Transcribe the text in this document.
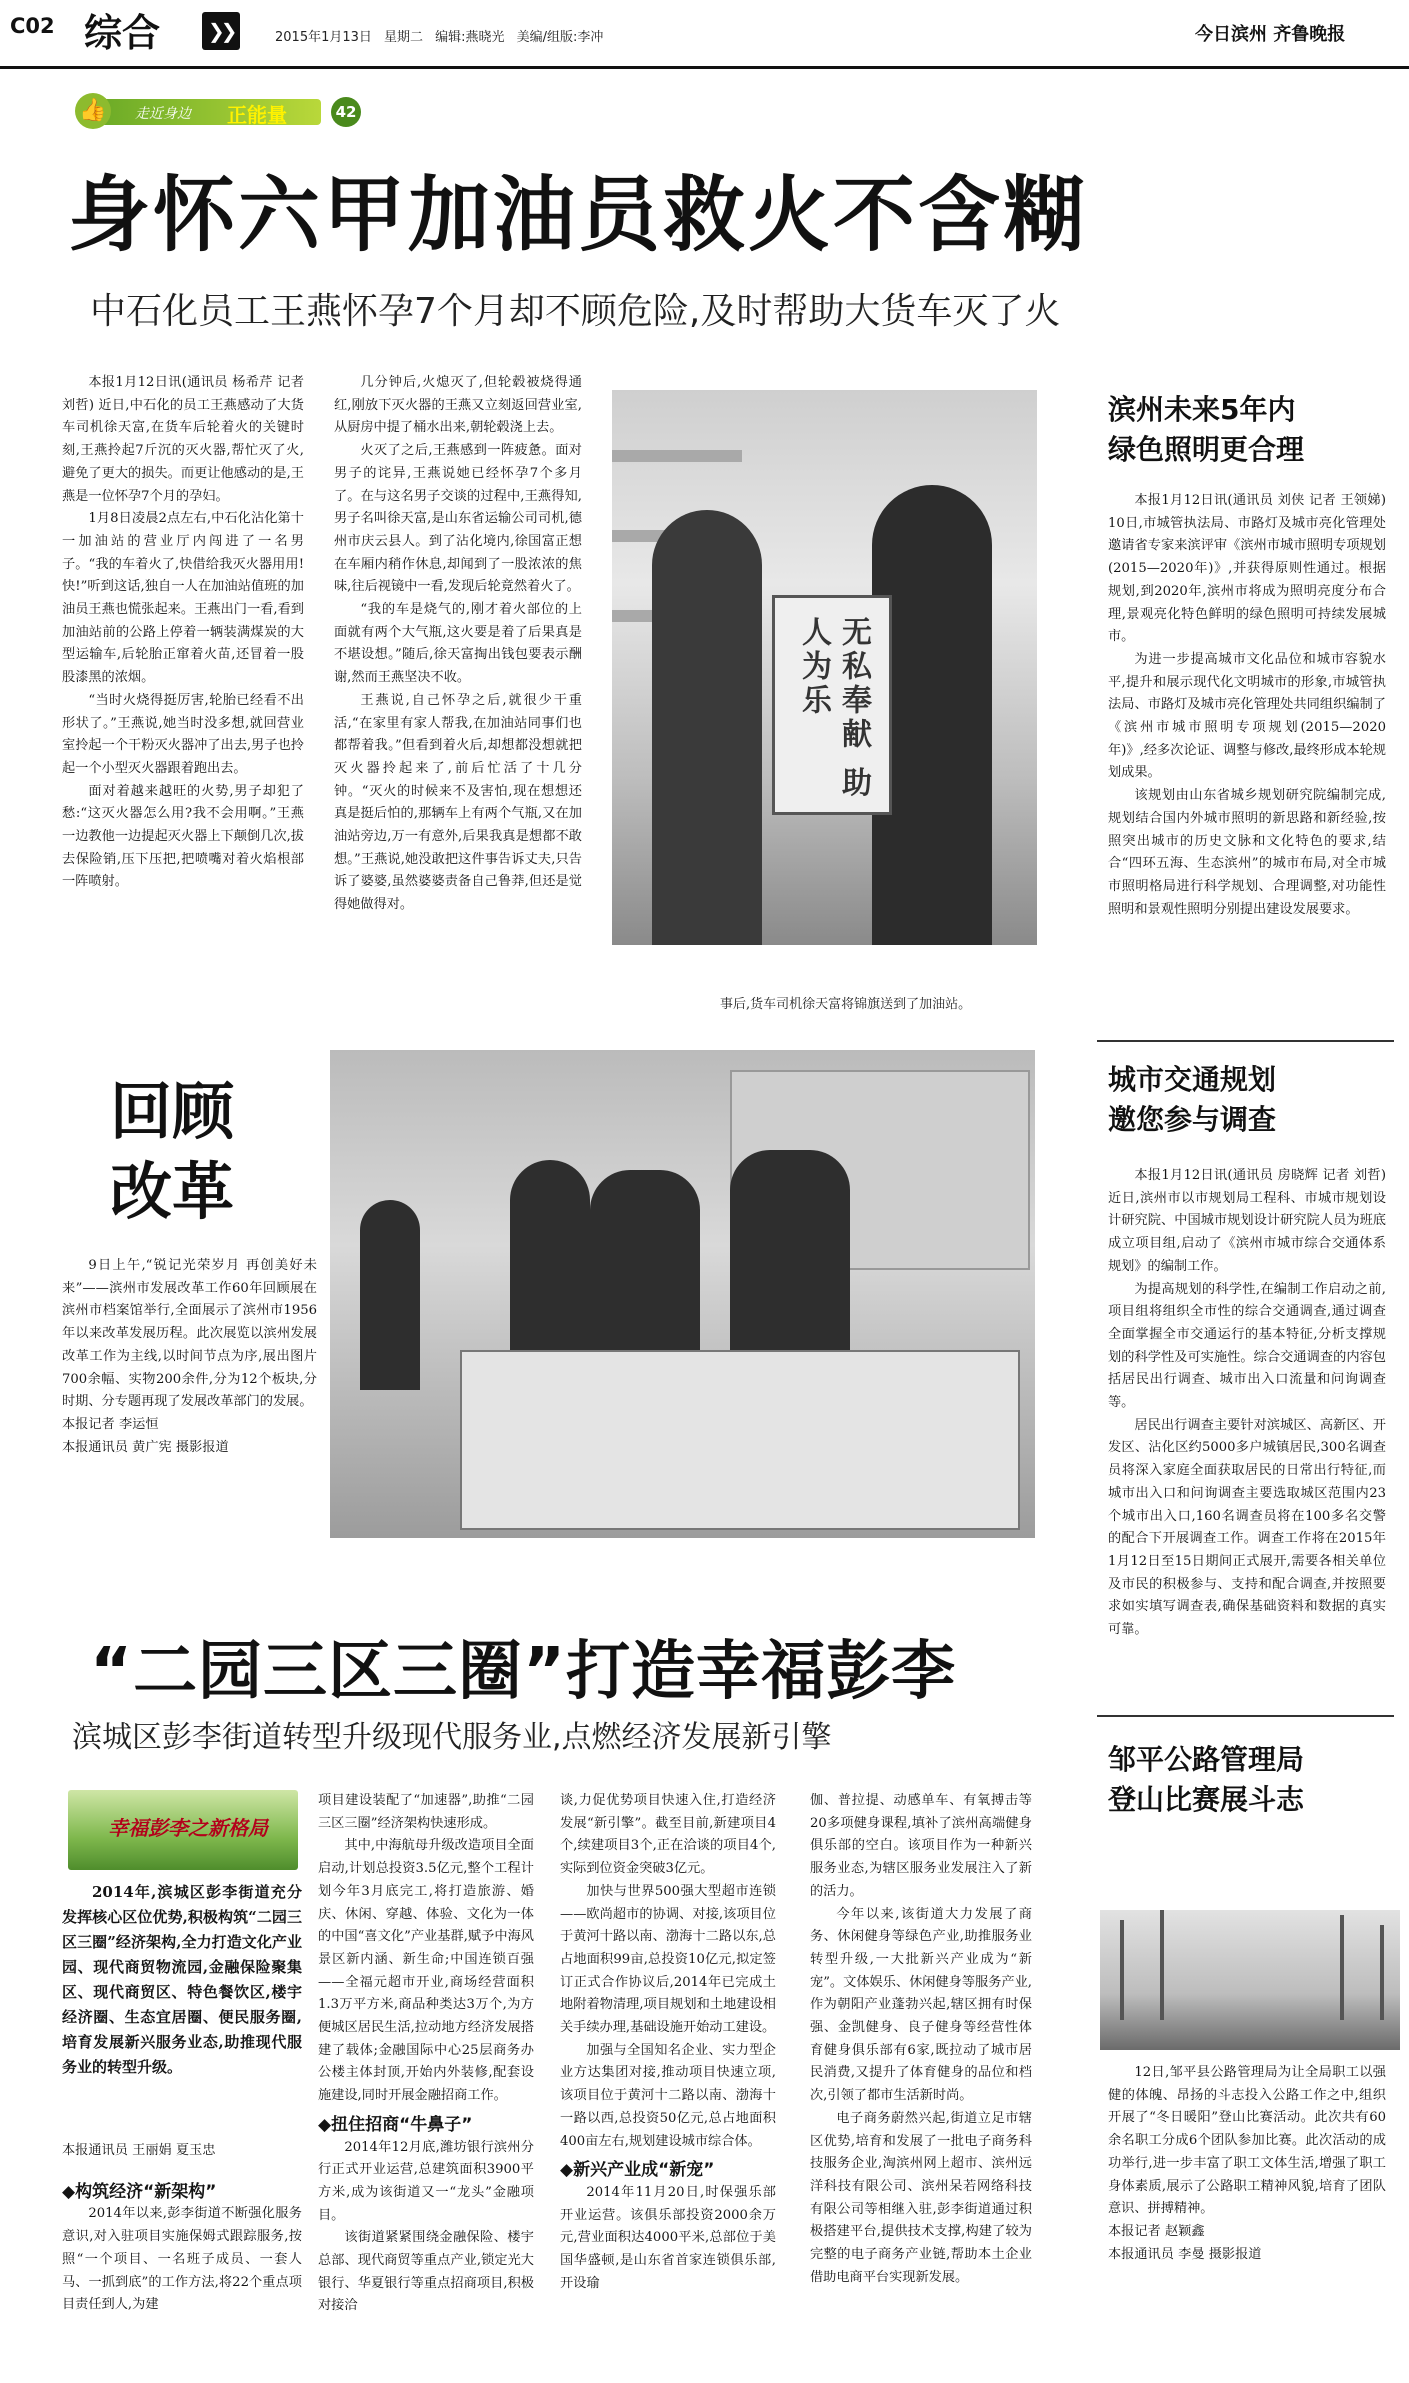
C02 综合 ❯❯	2015年1月13日 星期二 编辑:燕晓光 美编/组版:李冲	今日滨州 齐鲁晚报
👍	走近身边 正能量	42
身怀六甲加油员救火不含糊
中石化员工王燕怀孕7个月却不顾危险,及时帮助大货车灭了火

本报1月12日讯(通讯员 杨希芹 记者 刘哲) 近日,中石化的员工王燕感动了大货车司机徐天富,在货车后轮着火的关键时刻,王燕拎起7斤沉的灭火器,帮忙灭了火,避免了更大的损失。而更让他感动的是,王燕是一位怀孕7个月的孕妇。

1月8日凌晨2点左右,中石化沾化第十一加油站的营业厅内闯进了一名男子。“我的车着火了,快借给我灭火器用用!快!”听到这话,独自一人在加油站值班的加油员王燕也慌张起来。王燕出门一看,看到加油站前的公路上停着一辆装满煤炭的大型运输车,后轮胎正窜着火苗,还冒着一股股漆黑的浓烟。

“当时火烧得挺厉害,轮胎已经看不出形状了。”王燕说,她当时没多想,就回营业室拎起一个干粉灭火器冲了出去,男子也拎起一个小型灭火器跟着跑出去。

面对着越来越旺的火势,男子却犯了愁:“这灭火器怎么用?我不会用啊。”王燕一边教他一边提起灭火器上下颠倒几次,拔去保险销,压下压把,把喷嘴对着火焰根部一阵喷射。

几分钟后,火熄灭了,但轮毂被烧得通红,刚放下灭火器的王燕又立刻返回营业室,从厨房中提了桶水出来,朝轮毂浇上去。

火灭了之后,王燕感到一阵疲惫。面对男子的诧异,王燕说她已经怀孕7个多月了。在与这名男子交谈的过程中,王燕得知,男子名叫徐天富,是山东省运输公司司机,德州市庆云县人。到了沾化境内,徐国富正想在车厢内稍作休息,却闻到了一股浓浓的焦味,往后视镜中一看,发现后轮竟然着火了。

“我的车是烧气的,刚才着火部位的上面就有两个大气瓶,这火要是着了后果真是不堪设想。”随后,徐天富掏出钱包要表示酬谢,然而王燕坚决不收。

王燕说,自己怀孕之后,就很少干重活,“在家里有家人帮我,在加油站同事们也都帮着我。”但看到着火后,却想都没想就把灭火器拎起来了,前后忙活了十几分钟。“灭火的时候来不及害怕,现在想想还真是挺后怕的,那辆车上有两个气瓶,又在加油站旁边,万一有意外,后果我真是想都不敢想。”王燕说,她没敢把这件事告诉丈夫,只告诉了婆婆,虽然婆婆责备自己鲁莽,但还是觉得她做得对。

无私奉献 助人为乐
事后,货车司机徐天富将锦旗送到了加油站。
滨州未来5年内
绿色照明更合理

本报1月12日讯(通讯员 刘侠 记者 王领娣) 10日,市城管执法局、市路灯及城市亮化管理处邀请省专家来滨评审《滨州市城市照明专项规划(2015—2020年)》,并获得原则性通过。根据规划,到2020年,滨州市将成为照明亮度分布合理,景观亮化特色鲜明的绿色照明可持续发展城市。

为进一步提高城市文化品位和城市容貌水平,提升和展示现代化文明城市的形象,市城管执法局、市路灯及城市亮化管理处共同组织编制了《滨州市城市照明专项规划(2015—2020年)》,经多次论证、调整与修改,最终形成本轮规划成果。

该规划由山东省城乡规划研究院编制完成,规划结合国内外城市照明的新思路和新经验,按照突出城市的历史文脉和文化特色的要求,结合“四环五海、生态滨州”的城市布局,对全市城市照明格局进行科学规划、合理调整,对功能性照明和景观性照明分别提出建设发展要求。

城市交通规划
邀您参与调查

本报1月12日讯(通讯员 房晓辉 记者 刘哲) 近日,滨州市以市规划局工程科、市城市规划设计研究院、中国城市规划设计研究院人员为班底成立项目组,启动了《滨州市城市综合交通体系规划》的编制工作。

为提高规划的科学性,在编制工作启动之前,项目组将组织全市性的综合交通调查,通过调查全面掌握全市交通运行的基本特征,分析支撑规划的科学性及可实施性。综合交通调查的内容包括居民出行调查、城市出入口流量和问询调查等。

居民出行调查主要针对滨城区、高新区、开发区、沾化区约5000多户城镇居民,300名调查员将深入家庭全面获取居民的日常出行特征,而城市出入口和问询调查主要选取城区范围内23个城市出入口,160名调查员将在100多名交警的配合下开展调查工作。调查工作将在2015年1月12日至15日期间正式展开,需要各相关单位及市民的积极参与、支持和配合调查,并按照要求如实填写调查表,确保基础资料和数据的真实可靠。

回顾
改革

9日上午,“锐记光荣岁月 再创美好未来”——滨州市发展改革工作60年回顾展在滨州市档案馆举行,全面展示了滨州市1956年以来改革发展历程。此次展览以滨州发展改革工作为主线,以时间节点为序,展出图片700余幅、实物200余件,分为12个板块,分时期、分专题再现了发展改革部门的发展。

本报记者 李运恒

本报通讯员 黄广宪 摄影报道

“二园三区三圈”打造幸福彭李
滨城区彭李街道转型升级现代服务业,点燃经济发展新引擎
幸福彭李之新格局

2014年,滨城区彭李街道充分发挥核心区位优势,积极构筑“二园三区三圈”经济架构,全力打造文化产业园、现代商贸物流园,金融保险聚集区、现代商贸区、特色餐饮区,楼宇经济圈、生态宜居圈、便民服务圈,培育发展新兴服务业态,助推现代服务业的转型升级。

本报通讯员 王丽娟 夏玉忠

◆构筑经济“新架构”

2014年以来,彭李街道不断强化服务意识,对入驻项目实施保姆式跟踪服务,按照“一个项目、一名班子成员、一套人马、一抓到底”的工作方法,将22个重点项目责任到人,为建

项目建设装配了“加速器”,助推“二园三区三圈”经济架构快速形成。

其中,中海航母升级改造项目全面启动,计划总投资3.5亿元,整个工程计划今年3月底完工,将打造旅游、婚庆、休闲、穿越、体验、文化为一体的中国“喜文化”产业基群,赋予中海风景区新内涵、新生命;中国连锁百强——全福元超市开业,商场经营面积1.3万平方米,商品种类达3万个,为方便城区居民生活,拉动地方经济发展搭建了载体;金融国际中心25层商务办公楼主体封顶,开始内外装修,配套设施建设,同时开展金融招商工作。

◆扭住招商“牛鼻子”

2014年12月底,潍坊银行滨州分行正式开业运营,总建筑面积3900平方米,成为该街道又一“龙头”金融项目。

该街道紧紧围绕金融保险、楼宇总部、现代商贸等重点产业,锁定光大银行、华夏银行等重点招商项目,积极对接洽

谈,力促优势项目快速入住,打造经济发展“新引擎”。截至目前,新建项目4个,续建项目3个,正在洽谈的项目4个,实际到位资金突破3亿元。

加快与世界500强大型超市连锁——欧尚超市的协调、对接,该项目位于黄河十路以南、渤海十二路以东,总占地面积99亩,总投资10亿元,拟定签订正式合作协议后,2014年已完成土地附着物清理,项目规划和土地建设相关手续办理,基础设施开始动工建设。

加强与全国知名企业、实力型企业方达集团对接,推动项目快速立项,该项目位于黄河十二路以南、渤海十一路以西,总投资50亿元,总占地面积400亩左右,规划建设城市综合体。

◆新兴产业成“新宠”

2014年11月20日,时保强乐部开业运营。该俱乐部投资2000余万元,营业面积达4000平米,总部位于美国华盛顿,是山东省首家连锁俱乐部,开设瑜

伽、普拉提、动感单车、有氧搏击等20多项健身课程,填补了滨州高端健身俱乐部的空白。该项目作为一种新兴服务业态,为辖区服务业发展注入了新的活力。

今年以来,该街道大力发展了商务、休闲健身等绿色产业,助推服务业转型升级,一大批新兴产业成为“新宠”。文体娱乐、休闲健身等服务产业,作为朝阳产业蓬勃兴起,辖区拥有时保强、金凯健身、良子健身等经营性体育健身俱乐部有6家,既拉动了城市居民消费,又提升了体育健身的品位和档次,引领了都市生活新时尚。

电子商务蔚然兴起,街道立足市辖区优势,培育和发展了一批电子商务科技服务企业,淘滨州网上超市、滨州远洋科技有限公司、滨州呆若网络科技有限公司等相继入驻,彭李街道通过积极搭建平台,提供技术支撑,构建了较为完整的电子商务产业链,帮助本土企业借助电商平台实现新发展。

邹平公路管理局
登山比赛展斗志

12日,邹平县公路管理局为让全局职工以强健的体魄、昂扬的斗志投入公路工作之中,组织开展了“冬日暖阳”登山比赛活动。此次共有60余名职工分成6个团队参加比赛。此次活动的成功举行,进一步丰富了职工文体生活,增强了职工身体素质,展示了公路职工精神风貌,培育了团队意识、拼搏精神。

本报记者 赵颖鑫

本报通讯员 李曼 摄影报道
